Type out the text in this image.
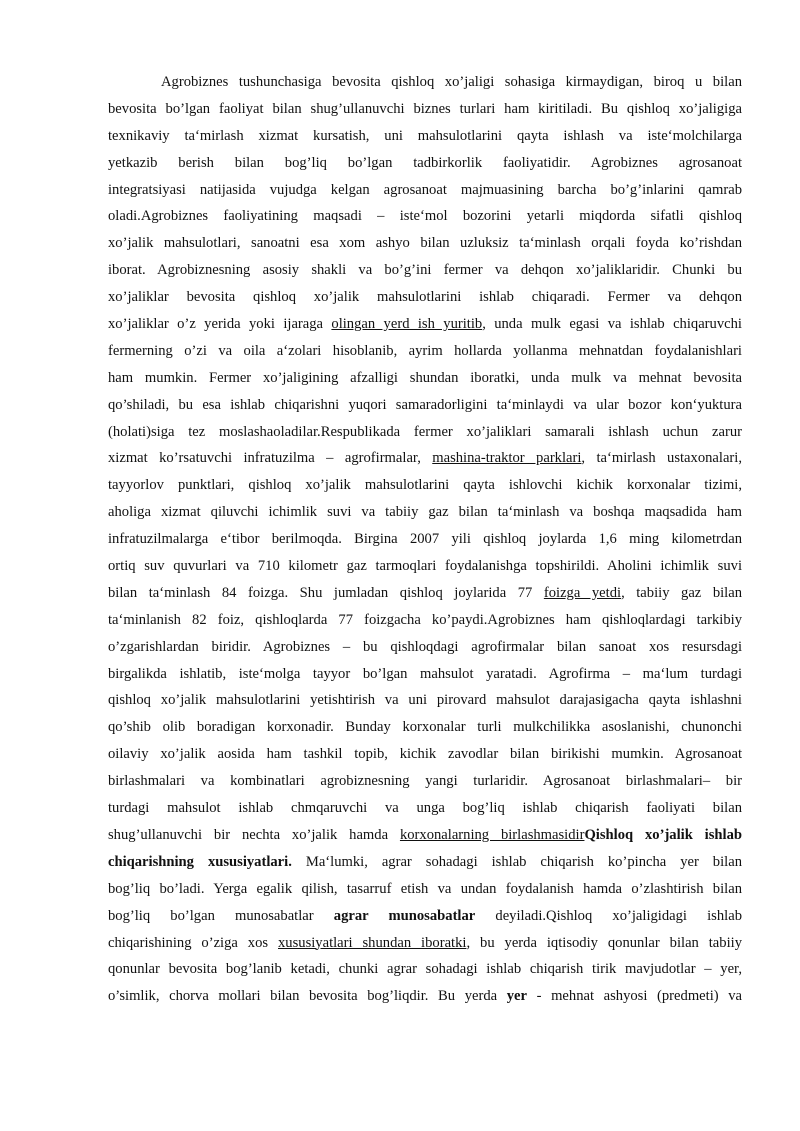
Agrobiznes tushunchasiga bevosita qishloq xo’jaligi sohasiga kirmaydigan, biroq u bilan
bevosita bo’lgan faoliyat bilan shug’ullanuvchi biznes turlari ham kiritiladi. Bu qishloq xo’jaligiga
texnikaviy ta‘mirlash xizmat kursatish, uni mahsulotlarini qayta ishlash va iste‘molchilarga
yetkazib berish bilan bog’liq bo’lgan tadbirkorlik faoliyatidir. Agrobiznes agrosanoat
integratsiyasi natijasida vujudga kelgan agrosanoat majmuasining barcha bo’g’inlarini qamrab
oladi.Agrobiznes faoliyatining maqsadi – iste‘mol bozorini yetarli miqdorda sifatli qishloq
xo’jalik mahsulotlari, sanoatni esa xom ashyo bilan uzluksiz ta‘minlash orqali foyda ko’rishdan
iborat. Agrobiznesning asosiy shakli va bo’g’ini fermer va dehqon xo’jaliklaridir. Chunki bu
xo’jaliklar bevosita qishloq xo’jalik mahsulotlarini ishlab chiqaradi. Fermer va dehqon
xo’jaliklar o’z yerida yoki ijaraga olingan yerd ish yuritib, unda mulk egasi va ishlab chiqaruvchi
fermerning o’zi va oila a‘zolari hisoblanib, ayrim hollarda yollanma mehnatdan foydalanishlari
ham mumkin. Fermer xo’jaligining afzalligi shundan iboratki, unda mulk va mehnat bevosita
qo’shiladi, bu esa ishlab chiqarishni yuqori samaradorligini ta‘minlaydi va ular bozor kon‘yuktura
(holati)siga tez moslashaoladilar.Respublikada fermer xo’jaliklari samarali ishlash uchun zarur
xizmat ko’rsatuvchi infratuzilma – agrofirmalar, mashina-traktor parklari, ta‘mirlash ustaxonalari,
tayyorlov punktlari, qishloq xo’jalik mahsulotlarini qayta ishlovchi kichik korxonalar tizimi,
aholiga xizmat qiluvchi ichimlik suvi va tabiiy gaz bilan ta‘minlash va boshqa maqsadida ham
infratuzilmalarga e‘tibor berilmoqda. Birgina 2007 yili qishloq joylarda 1,6 ming kilometrdan
ortiq suv quvurlari va 710 kilometr gaz tarmoqlari foydalanishga topshirildi. Aholini ichimlik suvi
bilan ta‘minlash 84 foizga. Shu jumladan qishloq joylarida 77 foizga yetdi, tabiiy gaz bilan
ta‘minlanish 82 foiz, qishloqlarda 77 foizgacha ko’paydi.Agrobiznes ham qishloqlardagi tarkibiy
o’zgarishlardan biridir. Agrobiznes – bu qishloqdagi agrofirmalar bilan sanoat xos resursdagi
birgalikda ishlatib, iste‘molga tayyor bo’lgan mahsulot yaratadi. Agrofirma – ma‘lum turdagi
qishloq xo’jalik mahsulotlarini yetishtirish va uni pirovard mahsulot darajasigacha qayta ishlashni
qo’shib olib boradigan korxonadir. Bunday korxonalar turli mulkchilikka asoslanishi, chunonchi
oilaviy xo’jalik aosida ham tashkil topib, kichik zavodlar bilan birikishi mumkin. Agrosanoat
birlashmalari va kombinatlari agrobiznesning yangi turlaridir. Agrosanoat birlashmalari– bir
turdagi mahsulot ishlab chmqaruvchi va unga bog’liq ishlab chiqarish faoliyati bilan
shug’ullanuvchi bir nechta xo’jalik hamda korxonalarning birlashmasidirQishloq xo’jalik ishlab
chiqarishning xususiyatlari. Ma‘lumki, agrar sohadagi ishlab chiqarish ko’pincha yer bilan
bog’liq bo’ladi. Yerga egalik qilish, tasarruf etish va undan foydalanish hamda o’zlashtirish bilan
bog’liq bo’lgan munosabatlar agrar munosabatlar deyiladi.Qishloq xo’jaligidagi ishlab
chiqarishining o’ziga xos xususiyatlari shundan iboratki, bu yerda iqtisodiy qonunlar bilan tabiiy
qonunlar bevosita bog’lanib ketadi, chunki agrar sohadagi ishlab chiqarish tirik mavjudotlar – yer,
o’simlik, chorva mollari bilan bevosita bog’liqdir. Bu yerda yer - mehnat ashyosi (predmeti) va
